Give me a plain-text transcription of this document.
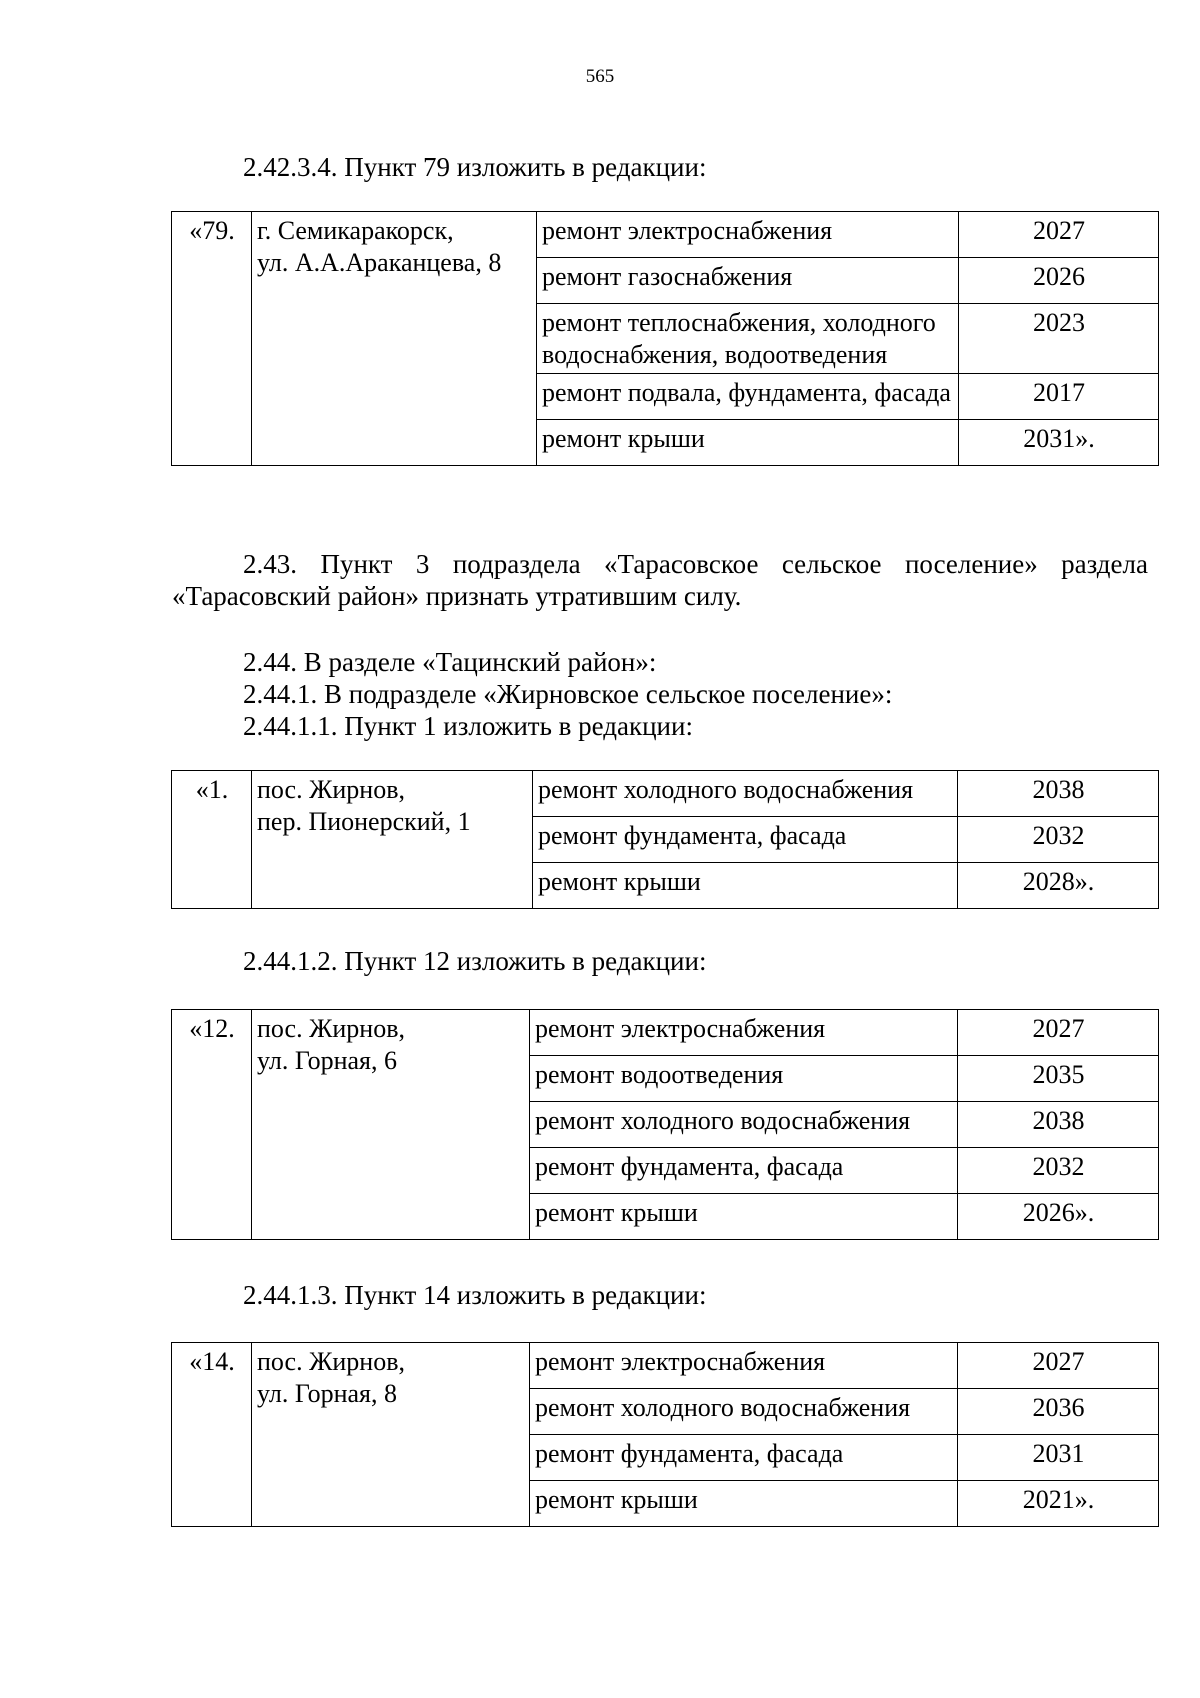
565
2.42.3.4. Пункт 79 изложить в редакции:
«79.	г. Семикаракорск,
ул. А.А.Араканцева, 8	ремонт электроснабжения	2027
		ремонт газоснабжения	2026
		ремонт теплоснабжения, холодного водоснабжения, водоотведения	2023
		ремонт подвала, фундамента, фасада	2017
		ремонт крыши	2031».
2.43. Пункт 3 подраздела «Тарасовское сельское поселение» раздела «Тарасовский район» признать утратившим силу.
2.44. В разделе «Тацинский район»:
2.44.1. В подразделе «Жирновское сельское поселение»:
2.44.1.1. Пункт 1 изложить в редакции:
«1.	пос. Жирнов,
пер. Пионерский, 1	ремонт холодного водоснабжения	2038
		ремонт фундамента, фасада	2032
		ремонт крыши	2028».
2.44.1.2. Пункт 12 изложить в редакции:
«12.	пос. Жирнов,
ул. Горная, 6	ремонт электроснабжения	2027
		ремонт водоотведения	2035
		ремонт холодного водоснабжения	2038
		ремонт фундамента, фасада	2032
		ремонт крыши	2026».
2.44.1.3. Пункт 14 изложить в редакции:
«14.	пос. Жирнов,
ул. Горная, 8	ремонт электроснабжения	2027
		ремонт холодного водоснабжения	2036
		ремонт фундамента, фасада	2031
		ремонт крыши	2021».
